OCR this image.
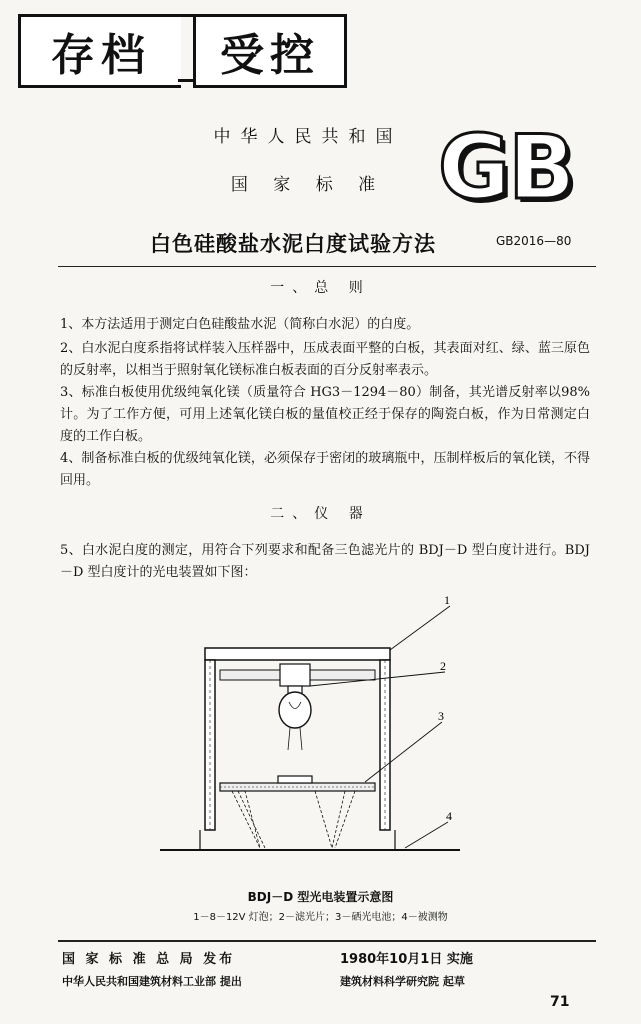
存档	受控
中华人民共和国
国 家 标 准 GB
白色硅酸盐水泥白度试验方法	GB2016—80
一、总 则
1、本方法适用于测定白色硅酸盐水泥（简称白水泥）的白度。
2、白水泥白度系指将试样装入压样器中，压成表面平整的白板，其表面对红、绿、蓝三原色的反射率，以相当于照射氧化镁标准白板表面的百分反射率表示。
3、标准白板使用优级纯氧化镁（质量符合 HG3－1294－80）制备，其光谱反射率以98%计。为了工作方便，可用上述氧化镁白板的量值校正经于保存的陶瓷白板，作为日常测定白度的工作白板。
4、制备标准白板的优级纯氧化镁，必须保存于密闭的玻璃瓶中，压制样板后的氧化镁，不得回用。
二、仪 器
5、白水泥白度的测定，用符合下列要求和配备三色滤光片的 BDJ－D 型白度计进行。BDJ－D 型白度计的光电装置如下图：
1
2
3
4
BDJ－D 型光电装置示意图
1－8－12V 灯泡；2－滤光片；3－硒光电池；4－被测物
国 家 标 准 总 局 发布	1980年10月1日 实施
中华人民共和国建筑材料工业部 提出	建筑材料科学研究院 起草
71
